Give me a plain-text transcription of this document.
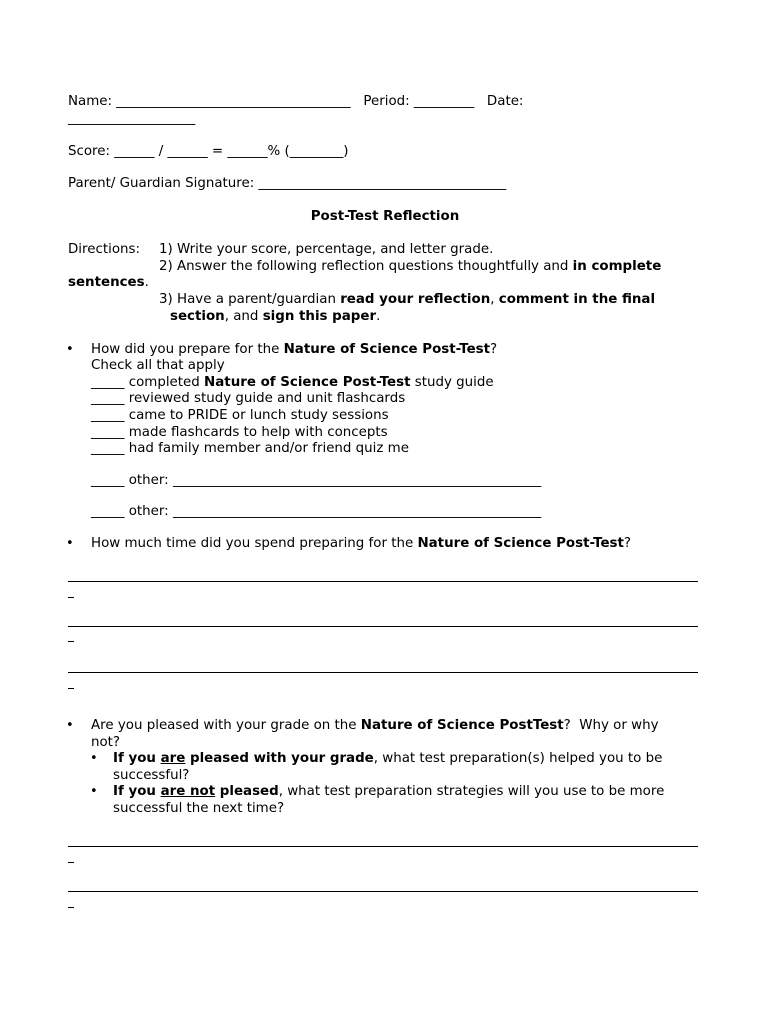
Name: ___________________________________   Period: _________   Date:
___________________
Score: ______ / ______ = ______% (________)
Parent/ Guardian Signature: _____________________________________
Post-Test Reflection
Directions: 1) Write your score, percentage, and letter grade.
2) Answer the following reflection questions thoughtfully and in complete
sentences.
3) Have a parent/guardian read your reflection, comment in the final
section, and sign this paper.
• How did you prepare for the Nature of Science Post-Test?
Check all that apply
_____ completed Nature of Science Post-Test study guide
_____ reviewed study guide and unit flashcards
_____ came to PRIDE or lunch study sessions
_____ made flashcards to help with concepts
_____ had family member and/or friend quiz me
_____ other: _______________________________________________________
_____ other: _______________________________________________________
• How much time did you spend preparing for the Nature of Science Post-Test?
• Are you pleased with your grade on the Nature of Science PostTest?  Why or why
not?
• If you are pleased with your grade, what test preparation(s) helped you to be
successful?
• If you are not pleased, what test preparation strategies will you use to be more
successful the next time?
